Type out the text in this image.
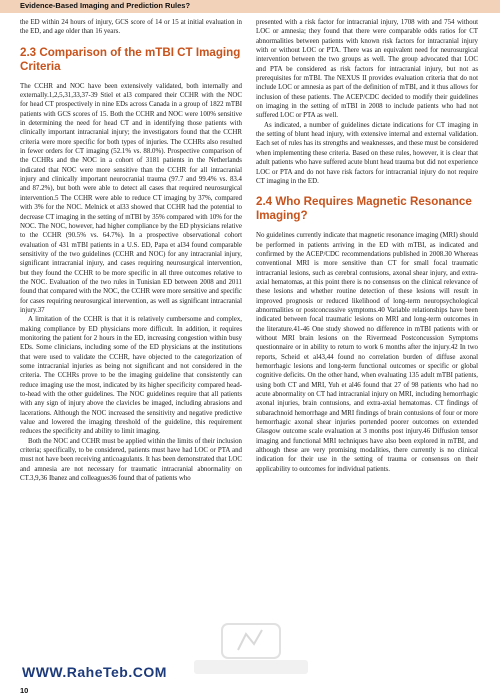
Evidence-Based Imaging and Prediction Rules?

the ED within 24 hours of injury, GCS score of 14 or 15 at initial evaluation in the ED, and age older than 16 years.

2.3 Comparison of the mTBI CT Imaging Criteria

The CCHR and NOC have been extensively validated, both internally and externally.1,2,5,31,33,37-39 Stiel et al3 compared their CCHR with the NOC for head CT prospectively in nine EDs across Canada in a group of 1822 mTBI patients with GCS scores of 15. Both the CCHR and NOC were 100% sensitive in determining the need for head CT and in identifying those patients with clinically important intracranial injury; the investigators found that the CCHR criteria were more specific for both types of injuries. The CCHRs also resulted in fewer orders for CT imaging (52.1% vs. 88.0%). Prospective comparison of the CCHRs and the NOC in a cohort of 3181 patients in the Netherlands indicated that NOC were more sensitive than the CCHR for all intracranial injury and clinically important neurocranial trauma (97.7 and 99.4% vs. 83.4 and 87.2%), but both were able to detect all cases that required neurosurgical intervention.5 The CCHR were able to reduce CT imaging by 37%, compared with 3% for the NOC. Melnick et al33 showed that CCHR had the potential to decrease CT imaging in the setting of mTBI by 35% compared with 10% for the NOC. The NOC, however, had higher compliance by the ED physicians relative to the CCHR (90.5% vs. 64.7%). In a prospective observational cohort evaluation of 431 mTBI patients in a U.S. ED, Papa et al34 found comparable sensitivity of the two guidelines (CCHR and NOC) for any intracranial injury, significant intracranial injury, and cases requiring neurosurgical intervention, but they found the CCHR to be more specific in all three outcomes relative to the NOC. Evaluation of the two rules in Tunisian ED between 2008 and 2011 found that compared with the NOC, the CCHR were more sensitive and specific for cases requiring neurosurgical intervention, as well as significant intracranial injury.37

A limitation of the CCHR is that it is relatively cumbersome and complex, making compliance by ED physicians more difficult. In addition, it requires monitoring the patient for 2 hours in the ED, increasing congestion within busy EDs. Some clinicians, including some of the ED physicians at the institutions that were used to validate the CCHR, have objected to the categorization of some intracranial injuries as being not significant and not considered in the criteria. The CCHRs prove to be the imaging guideline that consistently can reduce imaging use the most, indicated by its higher specificity compared head-to-head with the other guidelines. The NOC guidelines require that all patients with any sign of injury above the clavicles be imaged, including abrasions and lacerations. Although the NOC increased the sensitivity and negative predictive value and lowered the imaging threshold of the guideline, this requirement reduces the specificity and ability to limit imaging.

Both the NOC and CCHR must be applied within the limits of their inclusion criteria; specifically, to be considered, patients must have had LOC or PTA and must not have been receiving anticoagulants. It has been demonstrated that LOC and amnesia are not necessary for traumatic intracranial abnormality on CT.3,9,36 Ibanez and colleagues36 found that of patients who

presented with a risk factor for intracranial injury, 1708 with and 754 without LOC or amnesia; they found that there were comparable odds ratios for CT abnormalities between patients with known risk factors for intracranial injury with or without LOC or PTA. There was an equivalent need for neurosurgical intervention between the two groups as well. The group advocated that LOC and PTA be considered as risk factors for intracranial injury, but not as prerequisites for mTBI. The NEXUS II provides evaluation criteria that do not include LOC or amnesia as part of the definition of mTBI, and it thus allows for inclusion of these patients. The ACEP/CDC decided to modify their guidelines on imaging in the setting of mTBI in 2008 to include patients who had not suffered LOC or PTA as well.

As indicated, a number of guidelines dictate indications for CT imaging in the setting of blunt head injury, with extensive internal and external validation. Each set of rules has its strengths and weaknesses, and these must be considered when implementing these criteria. Based on these rules, however, it is clear that adult patients who have suffered acute blunt head trauma but did not experience LOC or PTA and do not have risk factors for intracranial injury do not require CT imaging in the ED.

2.4 Who Requires Magnetic Resonance Imaging?

No guidelines currently indicate that magnetic resonance imaging (MRI) should be performed in patients arriving in the ED with mTBI, as indicated and confirmed by the ACEP/CDC recommendations published in 2008.30 Whereas conventional MRI is more sensitive than CT for small focal traumatic intracranial lesions, such as cerebral contusions, axonal shear injury, and extra-axial hematomas, at this point there is no consensus on the clinical relevance of these lesions and whether routine detection of these lesions will result in improved prognosis or reduced likelihood of long-term neuropsychological abnormalities or postconcussive symptoms.40 Variable relationships have been indicated between focal traumatic lesions on MRI and long-term outcomes in the literature.41-46 One study showed no difference in mTBI patients with or without MRI brain lesions on the Rivermead Postconcussion Symptoms questionnaire or in ability to return to work 6 months after the injury.42 In two reports, Scheid et al43,44 found no correlation burden of diffuse axonal hemorrhagic lesions and long-term functional outcomes or specific or global cognitive deficits. On the other hand, when evaluating 135 adult mTBI patients, using both CT and MRI, Yuh et al46 found that 27 of 98 patients who had no acute abnormality on CT had intracranial injury on MRI, including hemorrhagic axonal injuries, brain contusions, and extra-axial hematomas. CT findings of subarachnoid hemorrhage and MRI findings of brain contusions of four or more hemorrhagic axonal shear injuries portended poorer outcomes on extended Glasgow outcome scale evaluation at 3 months post injury.46 Diffusion tensor imaging and functional MRI techniques have also been explored in mTBI, and although these are very promising modalities, there currently is no clinical indication for their use in the setting of trauma or consensus on their applicability to outcomes for individual patients.

WWW.RaheTeb.COM
10
